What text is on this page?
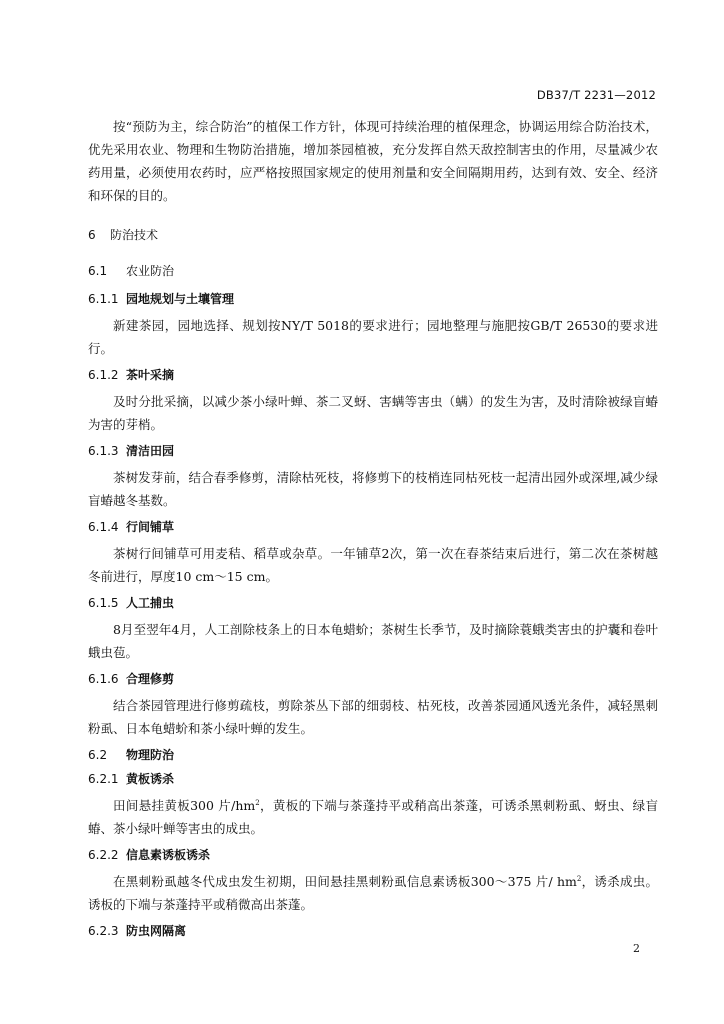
DB37/T 2231—2012

按“预防为主，综合防治”的植保工作方针，体现可持续治理的植保理念，协调运用综合防治技术，优先采用农业、物理和生物防治措施，增加茶园植被，充分发挥自然天敌控制害虫的作用，尽量减少农药用量，必须使用农药时，应严格按照国家规定的使用剂量和安全间隔期用药，达到有效、安全、经济和环保的目的。

6 防治技术
6.1 农业防治
6.1.1 园地规划与土壤管理

新建茶园，园地选择、规划按NY/T 5018的要求进行；园地整理与施肥按GB/T 26530的要求进行。

6.1.2 茶叶采摘

及时分批采摘，以减少茶小绿叶蝉、茶二叉蚜、害螨等害虫（螨）的发生为害，及时清除被绿盲蝽为害的芽梢。

6.1.3 清洁田园

茶树发芽前，结合春季修剪，清除枯死枝，将修剪下的枝梢连同枯死枝一起清出园外或深埋,减少绿盲蝽越冬基数。

6.1.4 行间铺草

茶树行间铺草可用麦秸、稻草或杂草。一年铺草2次，第一次在春茶结束后进行，第二次在茶树越冬前进行，厚度10 cm～15 cm。

6.1.5 人工捕虫

8月至翌年4月，人工剖除枝条上的日本龟蜡蚧；茶树生长季节，及时摘除蓑蛾类害虫的护囊和卷叶蛾虫苞。

6.1.6 合理修剪

结合茶园管理进行修剪疏枝，剪除茶丛下部的细弱枝、枯死枝，改善茶园通风透光条件，减轻黑刺粉虱、日本龟蜡蚧和茶小绿叶蝉的发生。

6.2 物理防治
6.2.1 黄板诱杀

田间悬挂黄板300 片$/hm^2$，黄板的下端与茶蓬持平或稍高出茶蓬，可诱杀黑刺粉虱、蚜虫、绿盲蝽、茶小绿叶蝉等害虫的成虫。

6.2.2 信息素诱板诱杀

在黑刺粉虱越冬代成虫发生初期，田间悬挂黑刺粉虱信息素诱板300～375 片/ $hm^2$，诱杀成虫。诱板的下端与茶蓬持平或稍微高出茶蓬。

6.2.3 防虫网隔离
2
